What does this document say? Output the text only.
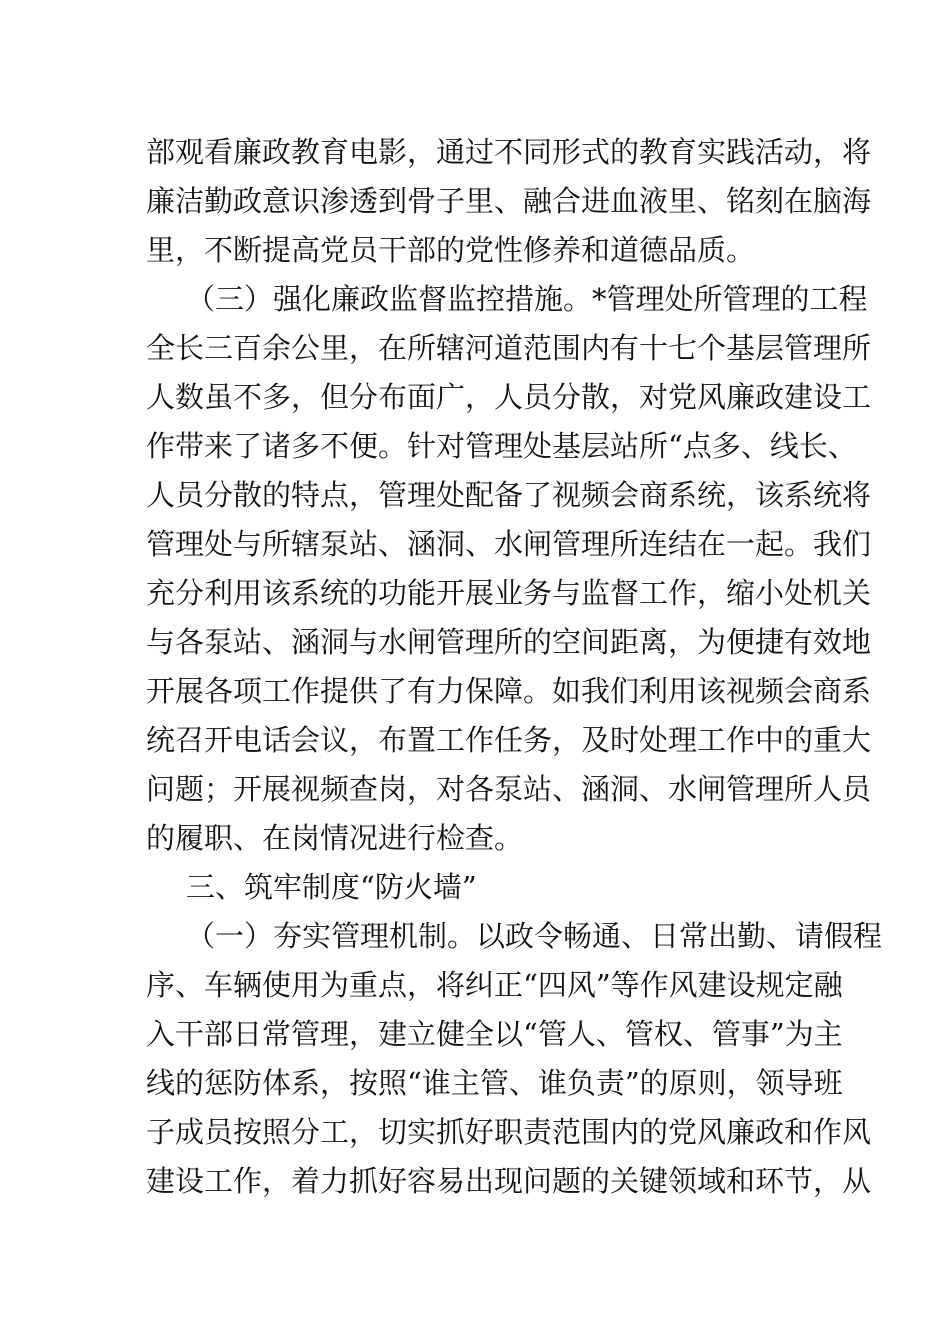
部观看廉政教育电影，通过不同形式的教育实践活动，将
廉洁勤政意识渗透到骨子里、融合进血液里、铭刻在脑海
里，不断提高党员干部的党性修养和道德品质。
（三）强化廉政监督监控措施。*管理处所管理的工程
全长三百余公里，在所辖河道范围内有十七个基层管理所
人数虽不多，但分布面广，人员分散，对党风廉政建设工
作带来了诸多不便。针对管理处基层站所“点多、线长、
人员分散的特点，管理处配备了视频会商系统，该系统将
管理处与所辖泵站、涵洞、水闸管理所连结在一起。我们
充分利用该系统的功能开展业务与监督工作，缩小处机关
与各泵站、涵洞与水闸管理所的空间距离，为便捷有效地
开展各项工作提供了有力保障。如我们利用该视频会商系
统召开电话会议，布置工作任务，及时处理工作中的重大
问题；开展视频查岗，对各泵站、涵洞、水闸管理所人员
的履职、在岗情况进行检查。
三、筑牢制度“防火墙”
（一）夯实管理机制。以政令畅通、日常出勤、请假程
序、车辆使用为重点，将纠正“四风”等作风建设规定融
入干部日常管理，建立健全以“管人、管权、管事”为主
线的惩防体系，按照“谁主管、谁负责”的原则，领导班
子成员按照分工，切实抓好职责范围内的党风廉政和作风
建设工作，着力抓好容易出现问题的关键领域和环节，从
